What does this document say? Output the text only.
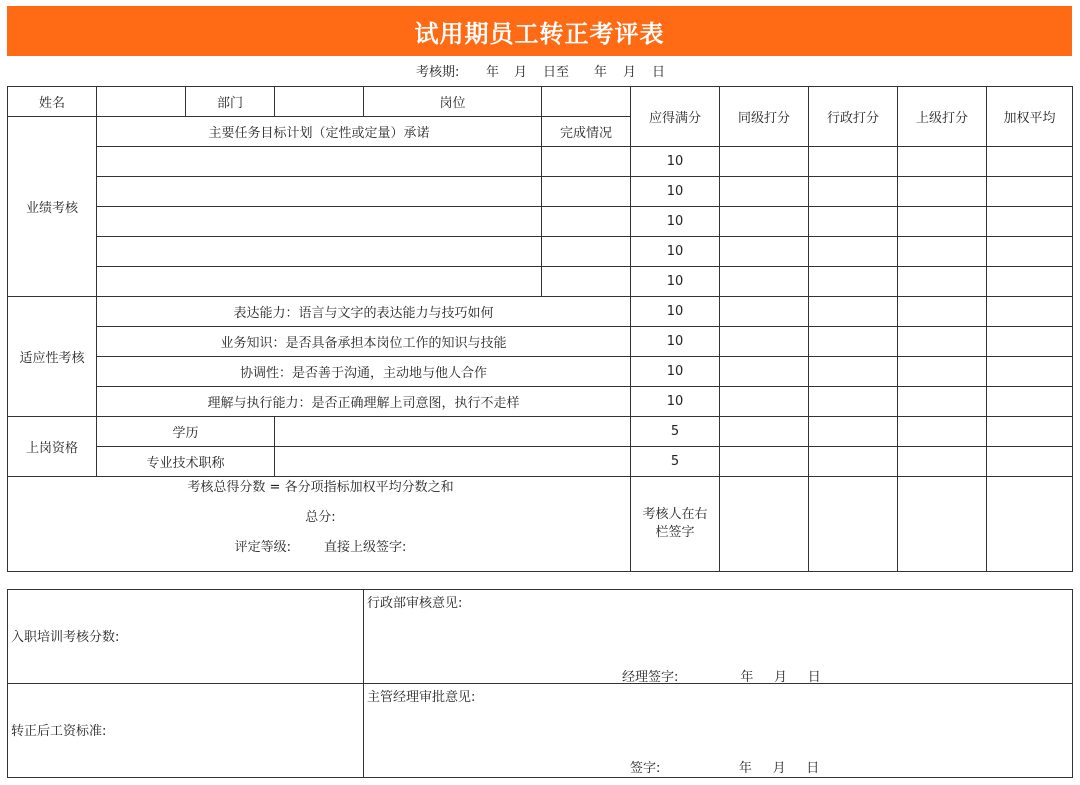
试用期员工转正考评表
考核期: 年 月 日至 年 月 日
姓名		部门		岗位		应得满分	同级打分	行政打分	上级打分	加权平均
业绩考核	主要任务目标计划（定性或定量）承诺				完成情况					
						10				
						10				
						10				
						10				
						10				
适应性考核	表达能力：语言与文字的表达能力与技巧如何					10				
	业务知识：是否具备承担本岗位工作的知识与技能					10				
	协调性：是否善于沟通，主动地与他人合作					10				
	理解与执行能力：是否正确理解上司意图，执行不走样					10				
上岗资格	学历					5				
	专业技术职称					5				

考核总得分数 = 各分项指标加权平均分数之和
总分:
评定等级: 直接上级签字:						考核人在右栏签字				
入职培训考核分数:	行政部审核意见:
经理签字: 年     月     日

转正后工资标准:	主管经理审批意见:
签字: 年     月     日
